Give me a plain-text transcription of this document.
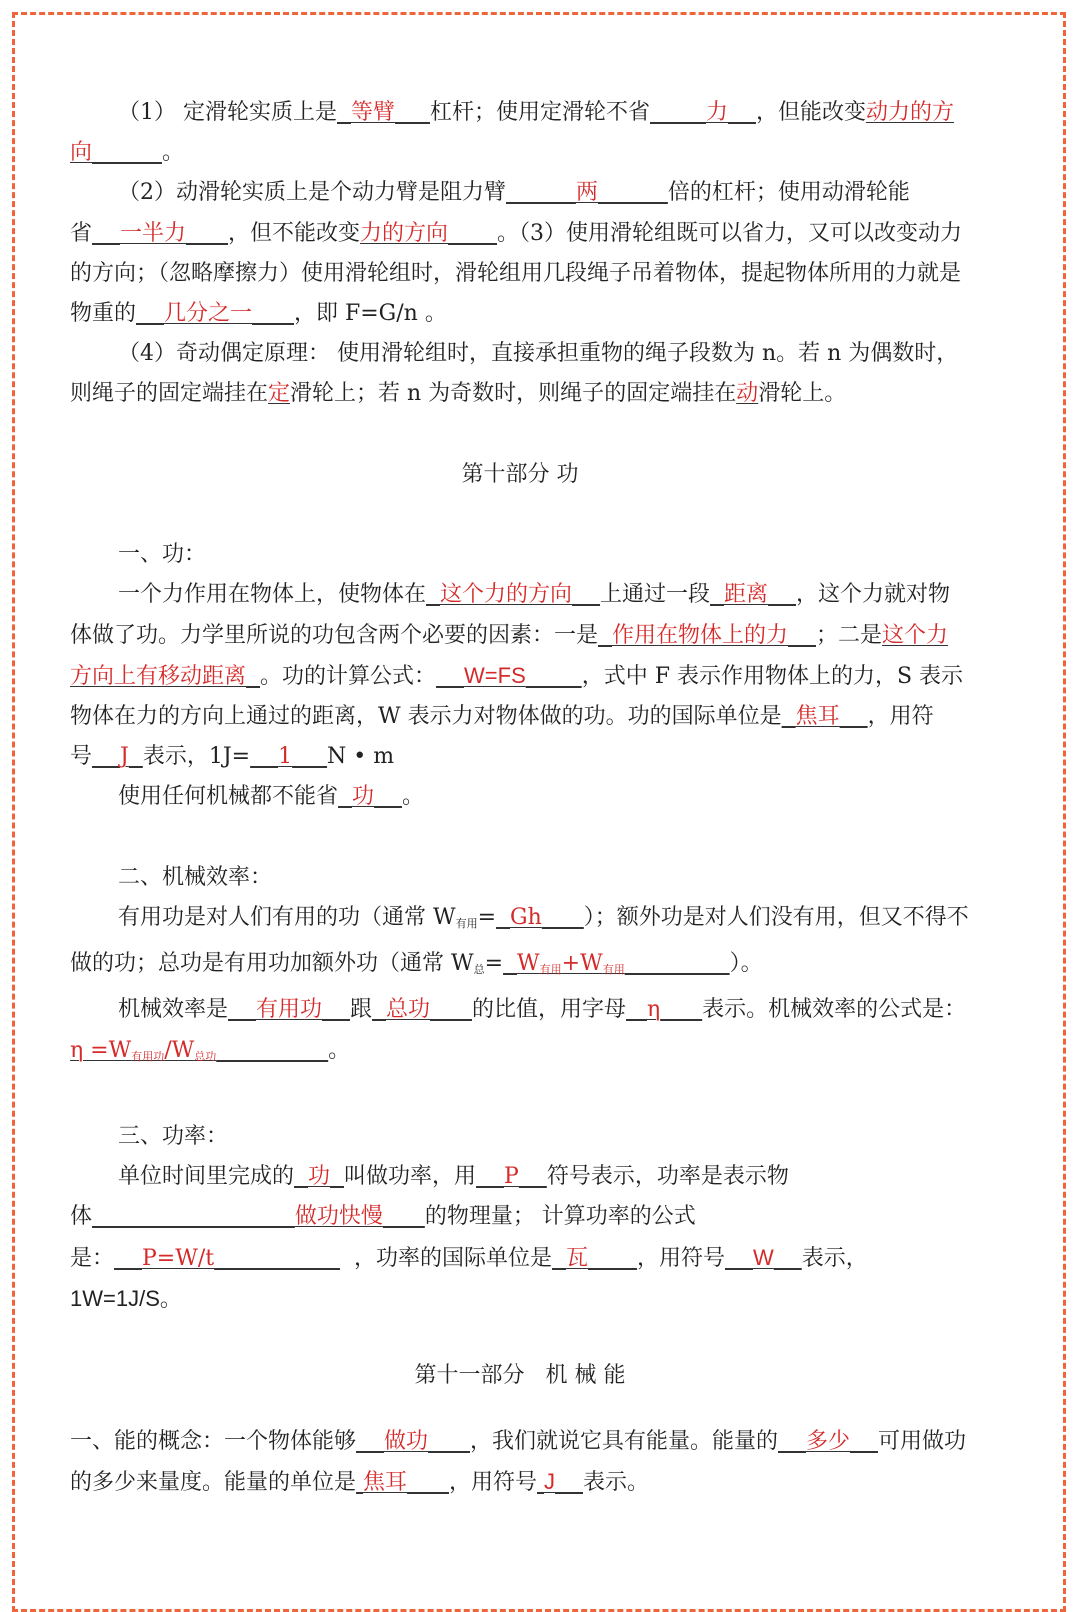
（1） 定滑轮实质上是 等臂 杠杆；使用定滑轮不省	力 ，但能改变动力的方向	。

（2）动滑轮实质上是个动力臂是阻力臂	两	倍的杠杆；使用动滑轮能省 一半力 ，但不能改变力的方向 。（3）使用滑轮组既可以省力，又可以改变动力的方向；（忽略摩擦力）使用滑轮组时，滑轮组用几段绳子吊着物体，提起物体所用的力就是物重的 几分之一 ，即 F=G/n 。

（4）奇动偶定原理： 使用滑轮组时，直接承担重物的绳子段数为 n。若 n 为偶数时，则绳子的固定端挂在定滑轮上；若 n 为奇数时，则绳子的固定端挂在动滑轮上。

第十部分 功

一、功：

一个力作用在物体上，使物体在 这个力的方向 上通过一段 距离 ，这个力就对物体做了功。力学里所说的功包含两个必要的因素：一是 作用在物体上的力 ；二是这个力方向上有移动距离 。功的计算公式： W=FS	，式中 F 表示作用物体上的力，S 表示物体在力的方向上通过的距离，W 表示力对物体做的功。功的国际单位是 焦耳 ，用符号 J 表示，1J= 1 N • m

使用任何机械都不能省 功 。

二、机械效率：

有用功是对人们有用的功（通常 $W_{有用}= Gh$ ）；额外功是对人们没有用，但又不得不做的功；总功是有用功加额外功（通常 $W_总= W_{有用}+W_{有用}$	）。

机械效率是 有用功 跟 总功 的比值，用字母 η 表示。机械效率的公式是：$\eta =W_{有用功}/W_{总功}$	。

三、功率：

单位时间里完成的 功 叫做功率，用 P 符号表示，功率是表示物体	做功快慢 的物理量； 计算功率的公式是： P=W/t	，功率的国际单位是 瓦 ，用符号 W 表示，1W=1J/S。

第十一部分   机 械 能

一、能的概念：一个物体能够 做功 ，我们就说它具有能量。能量的 多少 可用做功的多少来量度。能量的单位是 焦耳 ，用符号 J 表示。
